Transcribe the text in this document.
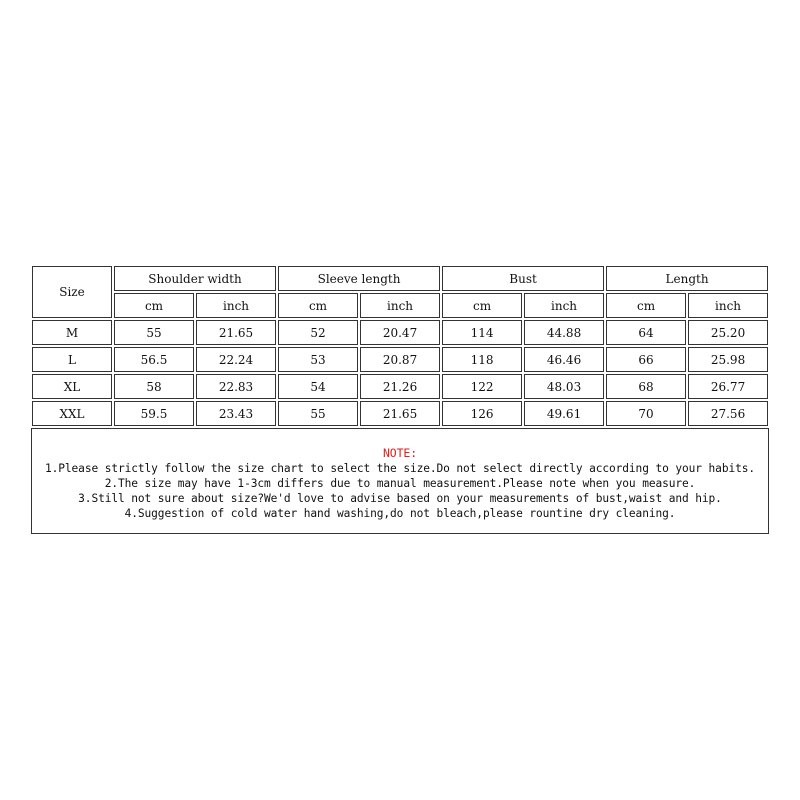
Size	Shoulder width		Sleeve length		Bust		Length	
	cm	inch	cm	inch	cm	inch	cm	inch
M	55	21.65	52	20.47	114	44.88	64	25.20
L	56.5	22.24	53	20.87	118	46.46	66	25.98
XL	58	22.83	54	21.26	122	48.03	68	26.77
XXL	59.5	23.43	55	21.65	126	49.61	70	27.56
NOTE:
1.Please strictly follow the size chart to select the size.Do not select directly according to your habits.
2.The size may have 1-3cm differs due to manual measurement.Please note when you measure.
3.Still not sure about size?We'd love to advise based on your measurements of bust,waist and hip.
4.Suggestion of cold water hand washing,do not bleach,please rountine dry cleaning.
